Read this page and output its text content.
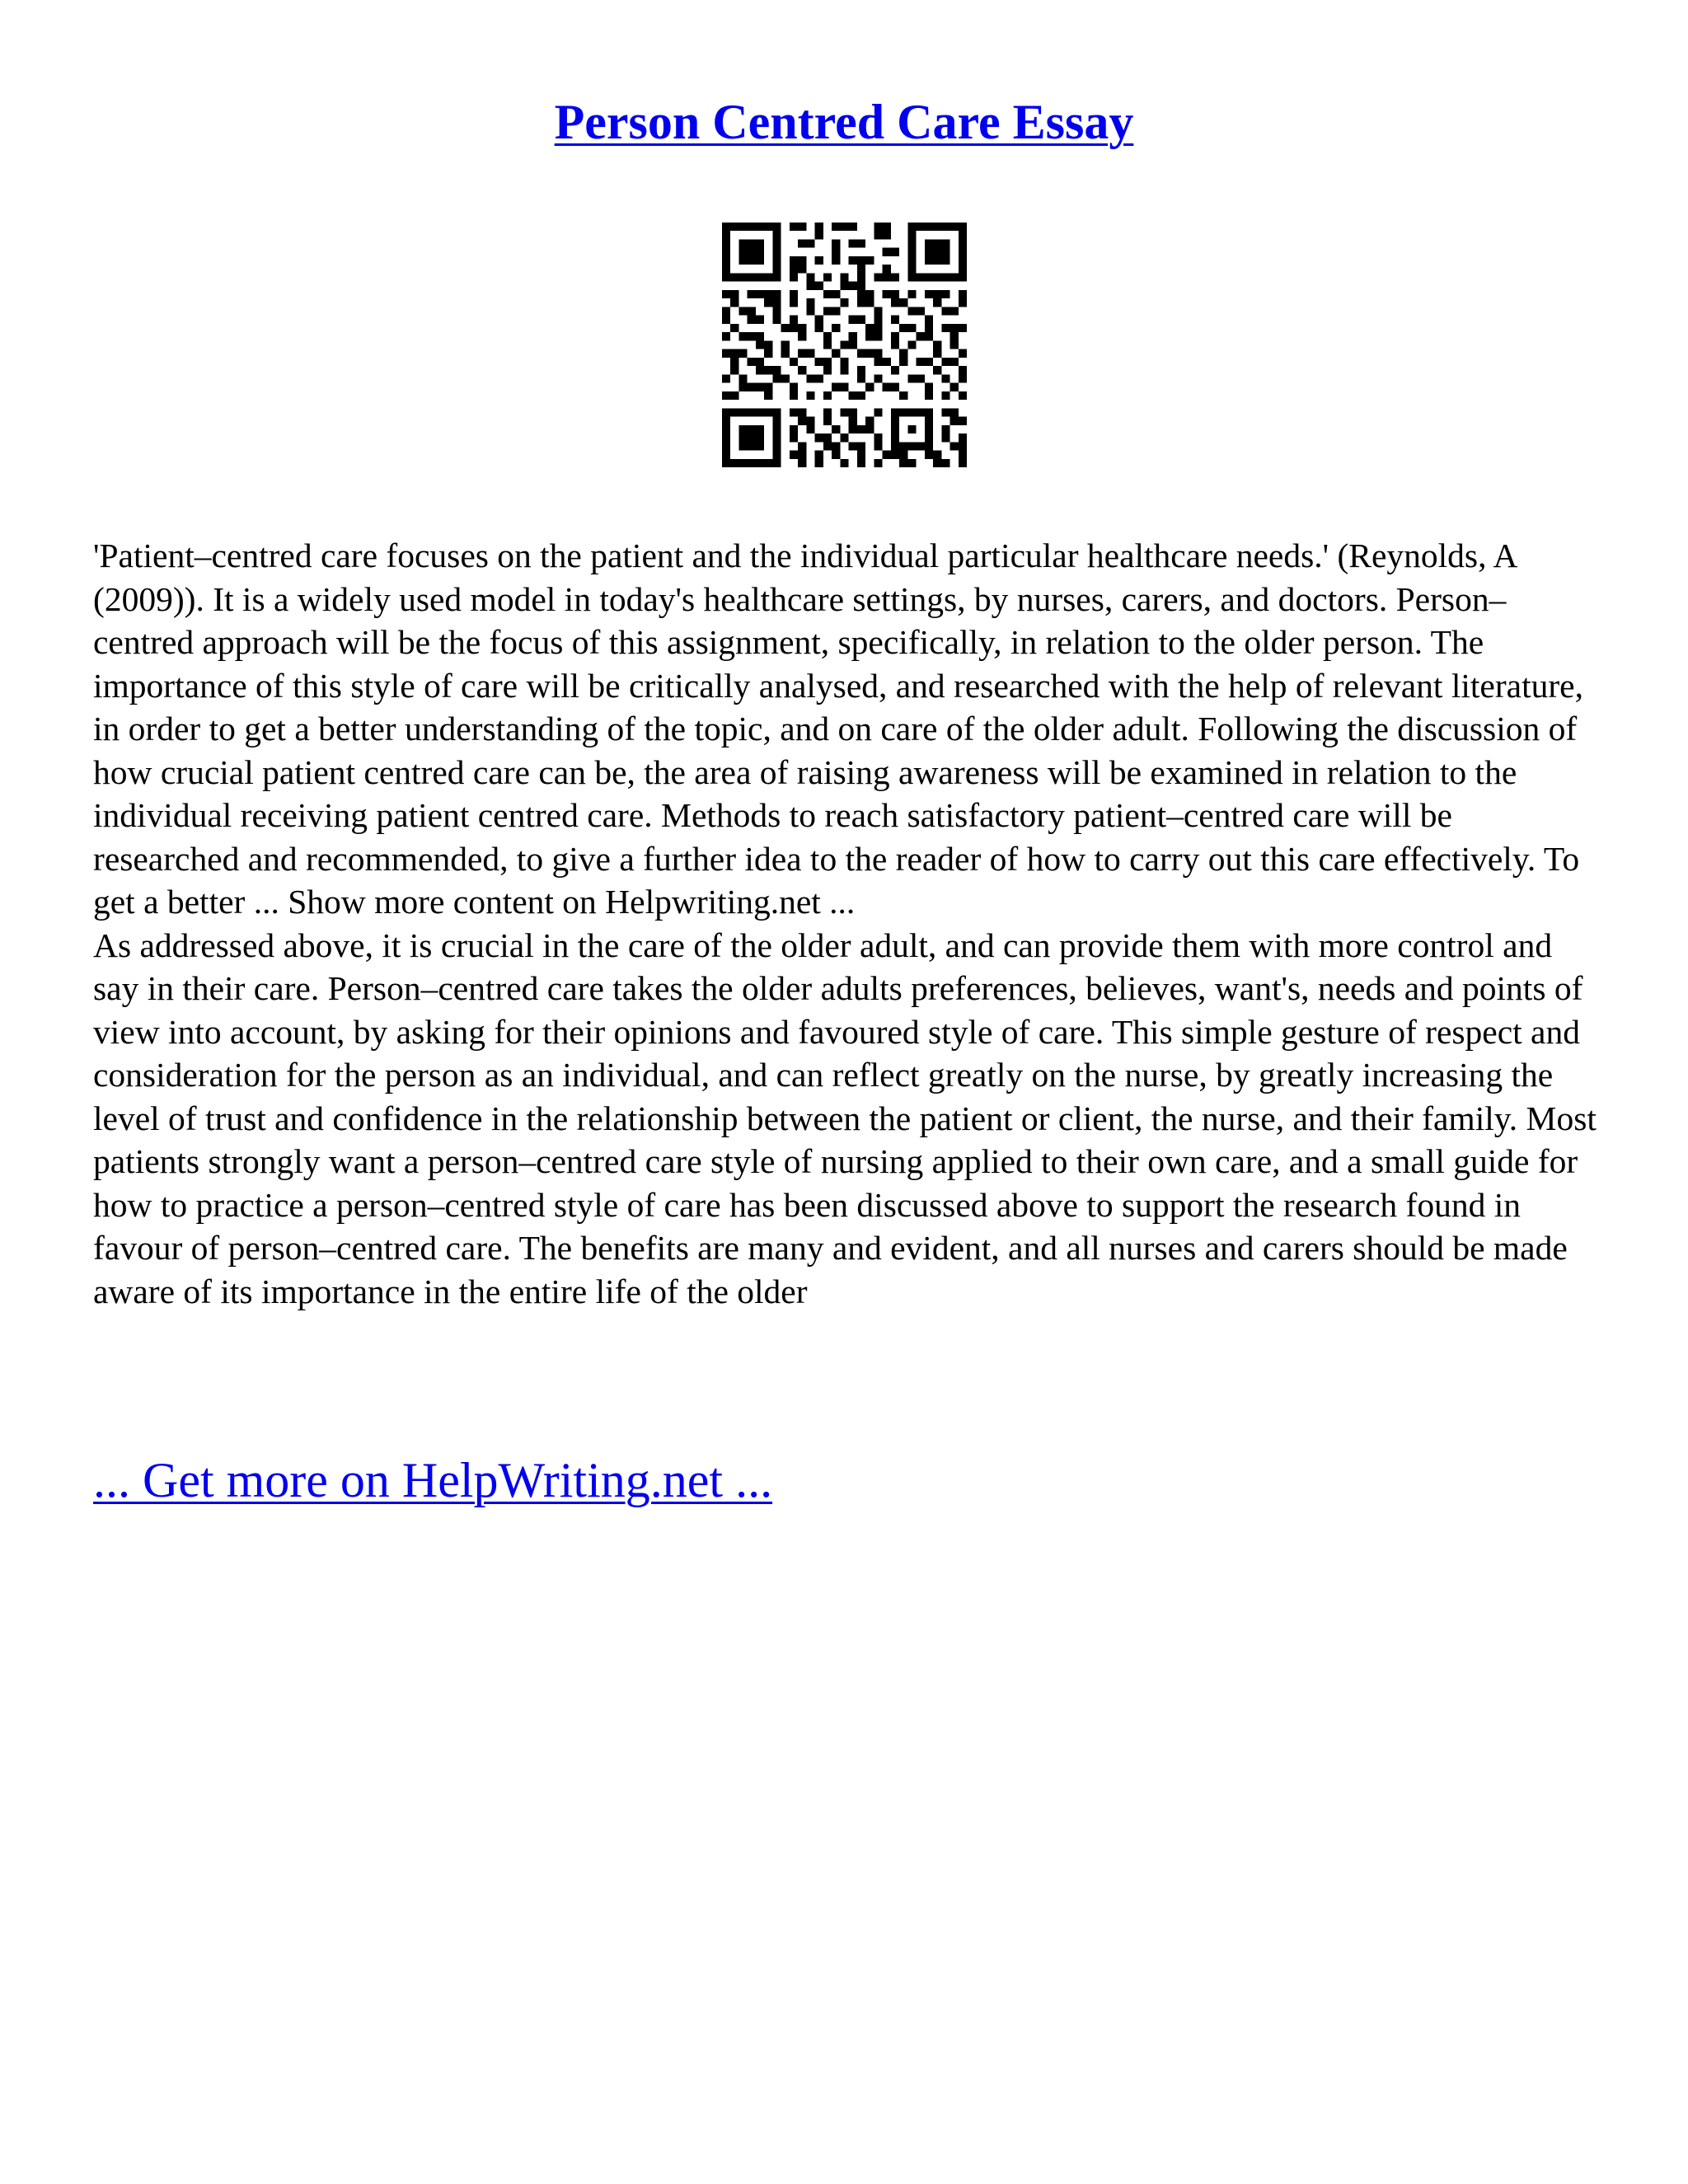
Person Centred Care Essay

'Patient–centred care focuses on the patient and the individual particular healthcare needs.' (Reynolds, A (2009)). It is a widely used model in today's healthcare settings, by nurses, carers, and doctors. Person–centred approach will be the focus of this assignment, specifically, in relation to the older person. The importance of this style of care will be critically analysed, and researched with the help of relevant literature, in order to get a better understanding of the topic, and on care of the older adult. Following the discussion of how crucial patient centred care can be, the area of raising awareness will be examined in relation to the individual receiving patient centred care. Methods to reach satisfactory patient–centred care will be researched and recommended, to give a further idea to the reader of how to carry out this care effectively. To get a better ... Show more content on Helpwriting.net ...

As addressed above, it is crucial in the care of the older adult, and can provide them with more control and say in their care. Person–centred care takes the older adults preferences, believes, want's, needs and points of view into account, by asking for their opinions and favoured style of care. This simple gesture of respect and consideration for the person as an individual, and can reflect greatly on the nurse, by greatly increasing the level of trust and confidence in the relationship between the patient or client, the nurse, and their family. Most patients strongly want a person–centred care style of nursing applied to their own care, and a small guide for how to practice a person–centred style of care has been discussed above to support the research found in favour of person–centred care. The benefits are many and evident, and all nurses and carers should be made aware of its importance in the entire life of the older

... Get more on HelpWriting.net ...
